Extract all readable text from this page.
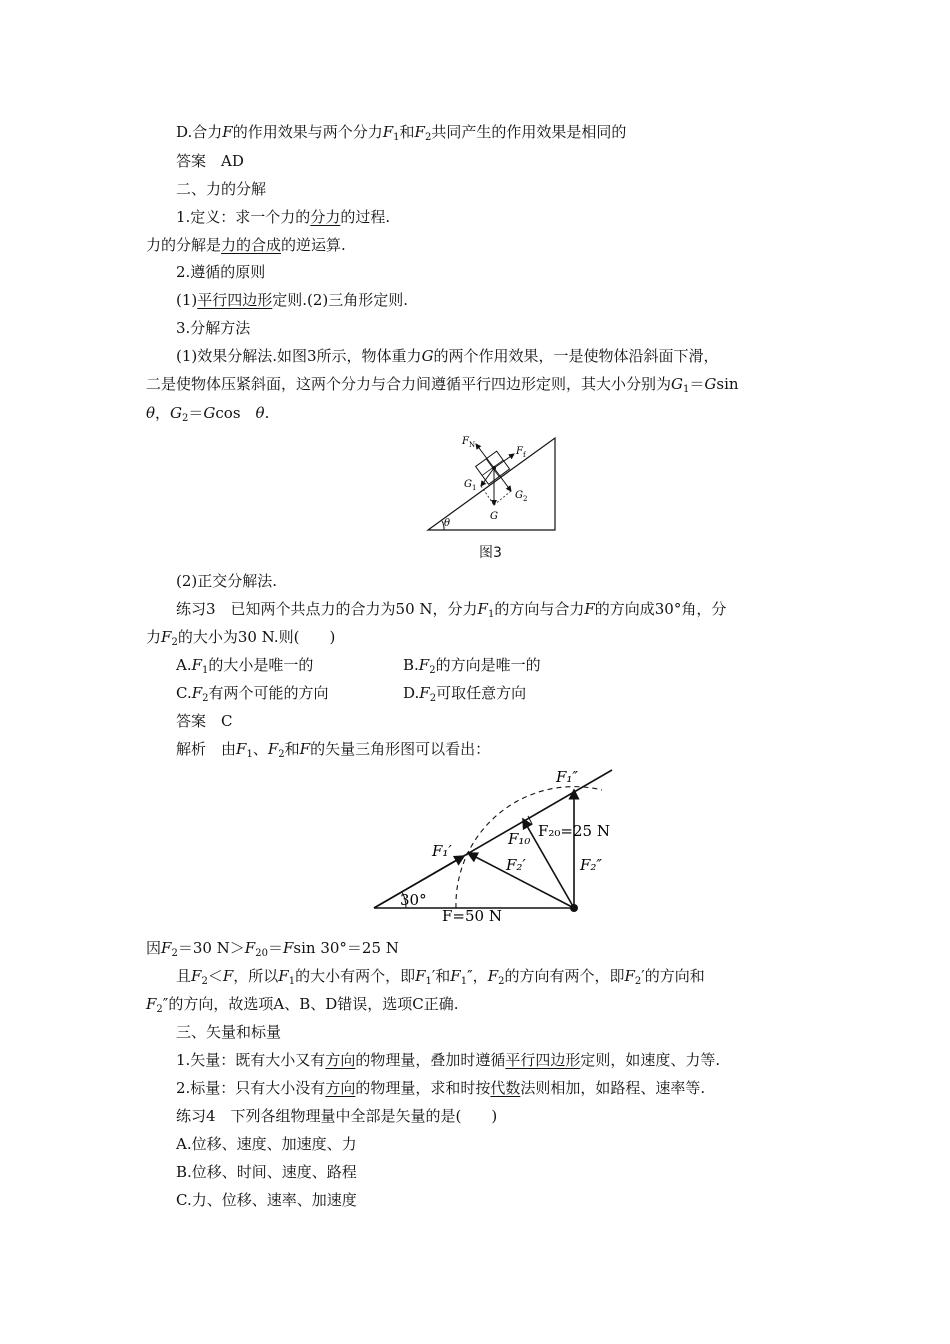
D.合力F的作用效果与两个分力$F_1$和$F_2$共同产生的作用效果是相同的
答案　AD
二、力的分解
1.定义：求一个力的分力的过程.
力的分解是力的合成的逆运算.
2.遵循的原则
(1)平行四边形定则.(2)三角形定则.
3.分解方法
(1)效果分解法.如图3所示，物体重力G的两个作用效果，一是使物体沿斜面下滑，
二是使物体压紧斜面，这两个分力与合力间遵循平行四边形定则，其大小分别为$G_1=Gsin$
θ，$G_2=Gcos$　θ.
θ
$F_N$
$F_f$
G
$G_1$
$G_2$
图3
(2)正交分解法.
练习3　已知两个共点力的合力为50 N，分力$F_1$的方向与合力F的方向成30°角，分
力$F_2$的大小为30 N.则(　　)
$A.F_1$的大小是唯一的	$B.F_2$的方向是唯一的
$C.F_2$有两个可能的方向	$D.F_2$可取任意方向
答案　C
解析　由$F_1$、$F_2$和F的矢量三角形图可以看出：
30°
F=50 N
F₁″
F₁′
F₁₀ F₂₀=25 N
F₂′	F₂″
因$F_2=30$ $N>F_{20}=Fsin$ 30°＝25 N
且$F_2<F$，所以$F_1$的大小有两个，即$F_1'$和$F_1''$，$F_2$的方向有两个，即$F_2'$的方向和
$F_2''$的方向，故选项A、B、D错误，选项C正确.
三、矢量和标量
1.矢量：既有大小又有方向的物理量，叠加时遵循平行四边形定则，如速度、力等.
2.标量：只有大小没有方向的物理量，求和时按代数法则相加，如路程、速率等.
练习4　下列各组物理量中全部是矢量的是(　　)
A.位移、速度、加速度、力
B.位移、时间、速度、路程
C.力、位移、速率、加速度
